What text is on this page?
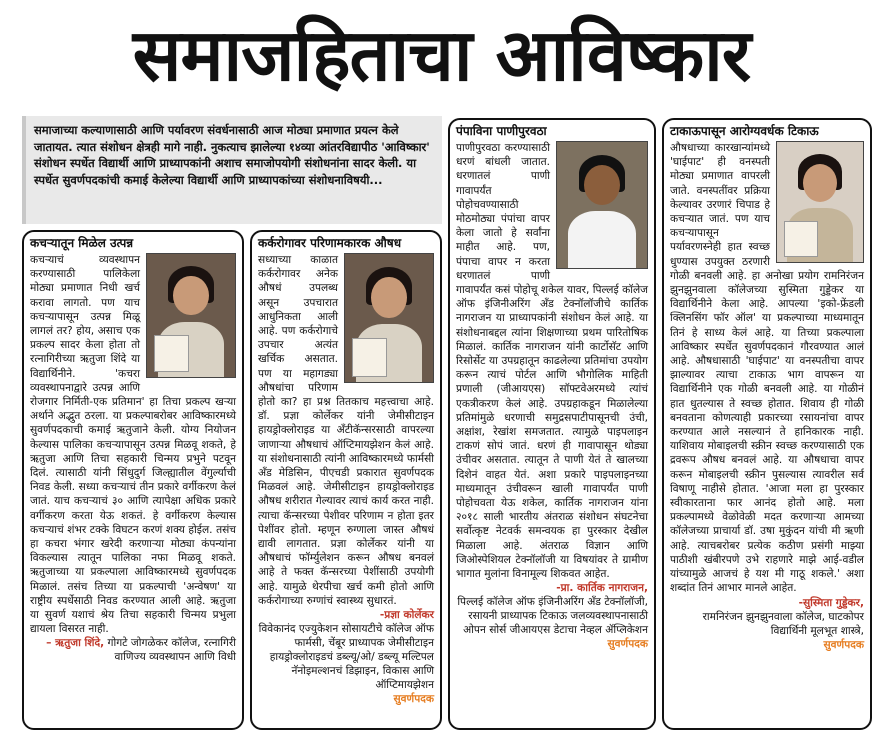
समाजहिताचा आविष्कार
समाजाच्या कल्याणासाठी आणि पर्यावरण संवर्धनासाठी आज मोठ्या प्रमाणात प्रयत्न केले जातायत. त्यात संशोधन क्षेत्रही मागे नाही. नुकत्याच झालेल्या १४व्या आंतरविद्यापीठ 'आविष्कार' संशोधन स्पर्धेत विद्यार्थी आणि प्राध्यापकांनी अशाच समाजोपयोगी संशोधनांना सादर केली. या स्पर्धेत सुवर्णपदकांची कमाई केलेल्या विद्यार्थी आणि प्राध्यापकांच्या संशोधनाविषयी...
कचऱ्यातून मिळेल उत्पन्न

कचऱ्याचं व्यवस्थापन करण्यासाठी पालिकेला मोठ्या प्रमाणात निधी खर्च करावा लागतो. पण याच कचऱ्यापासून उत्पन्न मिळू लागलं तर? होय, असाच एक प्रकल्प सादर केला होता तो रत्नागिरीच्या ऋतुजा शिंदे या विद्यार्थिनीने. 'कचरा व्यवस्थापनाद्वारे उत्पन्न आणि रोजगार निर्मिती-एक प्रतिमान' हा तिचा प्रकल्प खऱ्या अर्थाने अद्भुत ठरला. या प्रकल्पाबरोबर आविष्कारमध्ये सुवर्णपदकाची कमाई ऋतुजाने केली. योग्य नियोजन केल्यास पालिका कचऱ्यापासून उत्पन्न मिळवू शकते, हे ऋतुजा आणि तिचा सहकारी चिन्मय प्रभुने पटवून दिलं. त्यासाठी यांनी सिंधुदुर्ग जिल्ह्यातील वेंगुर्ल्याची निवड केली. सध्या कचऱ्याचं तीन प्रकारे वर्गीकरण केलं जातं. याच कचऱ्याचं ३० आणि त्यापेक्षा अधिक प्रकारे वर्गीकरण करता येऊ शकतं. हे वर्गीकरण केल्यास कचऱ्याचं शंभर टक्के विघटन करणं शक्य होईल. तसंच हा कचरा भंगार खरेदी करणाऱ्या मोठ्या कंपन्यांना विकल्यास त्यातून पालिका नफा मिळवू शकते. ऋतुजाच्या या प्रकल्पाला आविष्कारमध्ये सुवर्णपदक मिळालं. तसंच तिच्या या प्रकल्पाची 'अन्वेषण' या राष्ट्रीय स्पर्धेसाठी निवड करण्यात आली आहे. ऋतुजा या सुवर्ण यशाचं श्रेय तिचा सहकारी चिन्मय प्रभुला द्यायला विसरत नाही.

– ऋतुजा शिंदे, गोगटे जोगळेकर कॉलेज, रत्नागिरी वाणिज्य व्यवस्थापन आणि विधी
कर्करोगावर परिणामकारक औषध

सध्याच्या काळात कर्करोगावर अनेक औषधं उपलब्ध असून उपचारात आधुनिकता आली आहे. पण कर्करोगाचे उपचार अत्यंत खर्चिक असतात. पण या महागड्या औषधांचा परिणाम होतो का? हा प्रश्न तितकाच महत्त्वाचा आहे. डॉ. प्रज्ञा कोर्लेकर यांनी जेमीसीटाइन हायड्रोक्लोराइड या ॲंटीकॅन्सरसाठी वापरल्या जाणाऱ्या औषधाचं ऑप्टिमायझेशन केलं आहे. या संशोधनासाठी त्यांनी आविष्कारमध्ये फार्मसी ॲंड मेडिसिन, पीएचडी प्रकारात सुवर्णपदक मिळवलं आहे. जेमीसीटाइन हायड्रोक्लोराइड औषध शरीरात गेल्यावर त्याचं कार्य करत नाही. त्याचा कॅन्सरच्या पेशीवर परिणाम न होता इतर पेशींवर होतो. म्हणून रुग्णाला जास्त औषधं द्यावी लागतात. प्रज्ञा कोर्लेकर यांनी या औषधाचं फॉर्म्युलेशन करून औषध बनवलं आहे ते फक्त कॅन्सरच्या पेशींसाठी उपयोगी आहे. यामुळे थेरपीचा खर्च कमी होतो आणि कर्करोगाच्या रुग्णांचं स्वास्थ्य सुधारतं.

-प्रज्ञा कोर्लेकर
विवेकानंद एज्युकेशन सोसायटीचे कॉलेज ऑफ फार्मसी, चेंबूर प्राध्यापक जेमीसीटाइन हायड्रोक्लोराइडचं डब्ल्यू/ओ/ डब्ल्यू मल्टिपल नॅनोइमल्शनचं डिझाइन, विकास आणि ऑप्टिमायझेशन
सुवर्णपदक
पंपाविना पाणीपुरवठा

पाणीपुरवठा करण्यासाठी धरणं बांधली जातात. धरणातलं पाणी गावापर्यंत पोहोचवण्यासाठी मोठमोठ्या पंपांचा वापर केला जातो हे सर्वांना माहीत आहे. पण, पंपाचा वापर न करता धरणातलं पाणी गावापर्यंत कसं पोहोचू शकेल यावर, पिल्लई कॉलेज ऑफ इंजिनीअरिंग ॲंड टेक्नॉलॉजीचे कार्तिक नागराजन या प्राध्यापकांनी संशोधन केलं आहे. या संशोधनाबद्दल त्यांना शिक्षणाच्या प्रथम पारितोषिक मिळालं. कार्तिक नागराजन यांनी कार्टोसॅट आणि रिसोर्सेट या उपग्रहातून काढलेल्या प्रतिमांचा उपयोग करून त्याचं पोर्टल आणि भौगोलिक माहिती प्रणाली (जीआयएस) सॉफ्टवेअरमध्ये त्यांचं एकत्रीकरण केलं आहे. उपग्रहाकडून मिळालेल्या प्रतिमांमुळे धरणाची समुद्रसपाटीपासूनची उंची, अक्षांश, रेखांश समजतात. त्यामुळे पाइपलाइन टाकणं सोपं जातं. धरणं ही गावापासून थोड्या उंचीवर असतात. त्यातून ते पाणी येतं ते खालच्या दिशेनं वाहत येतं. अशा प्रकारे पाइपलाइनच्या माध्यमातून उंचीवरून खाली गावापर्यंत पाणी पोहोचवता येऊ शकेल, कार्तिक नागराजन यांना २०१८ साली भारतीय अंतराळ संशोधन संघटनेचा सर्वोत्कृष्ट नेटवर्क समन्वयक हा पुरस्कार देखील मिळाला आहे. अंतराळ विज्ञान आणि जिओस्पेशियल टेक्नॉलॉजी या विषयांवर ते ग्रामीण भागात मुलांना विनामूल्य शिकवत आहेत.

-प्रा. कार्तिक नागराजन,
पिल्लई कॉलेज ऑफ इंजिनीअरिंग ॲंड टेक्नॉलॉजी, रसायनी प्राध्यापक टिकाऊ जलव्यवस्थापनासाठी ओपन सोर्स जीआयएस डेटाचा नेव्हल ॲप्लिकेशन
सुवर्णपदक
टाकाऊपासून आरोग्यवर्धक टिकाऊ

औषधाच्या कारखान्यांमध्ये 'घाईपाट' ही वनस्पती मोठ्या प्रमाणात वापरली जाते. वनस्पतींवर प्रक्रिया केल्यावर उरणारं चिपाड हे कचऱ्यात जातं. पण याच कचऱ्यापासून पर्यावरणस्नेही हात स्वच्छ धुण्यास उपयुक्त ठरणारी गोळी बनवली आहे. हा अनोखा प्रयोग रामनिरंजन झुनझुनवाला कॉलेजच्या सुस्मिता गुड्डेकर या विद्यार्थिनीने केला आहे. आपल्या 'इको-फ्रेंडली क्लिनसिंग फॉर ऑल' या प्रकल्पाच्या माध्यमातून तिनं हे साध्य केलं आहे. या तिच्या प्रकल्पाला आविष्कार स्पर्धेत सुवर्णपदकानं गौरवण्यात आलं आहे. औषधासाठी 'घाईपाट' या वनस्पतीचा वापर झाल्यावर त्याचा टाकाऊ भाग वापरून या विद्यार्थिनीने एक गोळी बनवली आहे. या गोळीनं हात धुतल्यास ते स्वच्छ होतात. शिवाय ही गोळी बनवताना कोणत्याही प्रकारच्या रसायनांचा वापर करण्यात आले नसल्यानं ते हानिकारक नाही. याशिवाय मोबाइलची स्क्रीन स्वच्छ करण्यासाठी एक द्रवरूप औषध बनवलं आहे. या औषधाचा वापर करून मोबाइलची स्क्रीन पुसल्यास त्यावरील सर्व विषाणू नाहीसे होतात. 'आजा मला हा पुरस्कार स्वीकारताना फार आनंद होतो आहे. मला प्रकल्पामध्ये वेळोवेळी मदत करणाऱ्या आमच्या कॉलेजच्या प्राचार्या डॉ. उषा मुकुंदन यांची मी ऋणी आहे. त्याचबरोबर प्रत्येक कठीण प्रसंगी माझ्या पाठीशी खंबीरपणे उभे राहणारे माझे आई-वडील यांच्यामुळे आजचं हे यश मी गाठू शकले.' अशा शब्दांत तिनं आभार मानले आहेत.

-सुस्मिता गुड्डेकर,
रामनिरंजन झुनझुनवाला कॉलेज, घाटकोपर विद्यार्थिनी मूलभूत शास्त्रे,
सुवर्णपदक
